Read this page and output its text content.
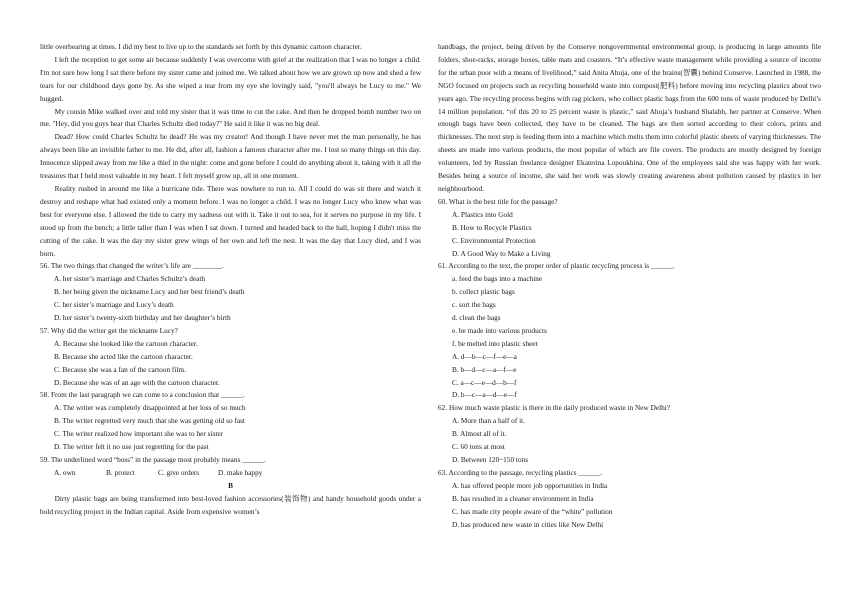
little overbearing at times. I did my best to live up to the standards set forth by this dynamic cartoon character.

I left the reception to get some air because suddenly I was overcome with grief at the realization that I was no longer a child. I'm not sure how long I sat there before my sister came and joined me. We talked about how we are grown up now and shed a few tears for our childhood days gone by. As she wiped a tear from my eye she lovingly said, "you'll always be Lucy to me." We hugged.

My cousin Mike walked over and told my sister that it was time to cut the cake. And then he dropped bomb number two on me. "Hey, did you guys hear that Charles Schultz died today?" He said it like it was no big deal.

Dead? How could Charles Schultz be dead? He was my creator! And though I have never met the man personally, he has always been like an invisible father to me. He did, after all, fashion a famous character after me. I lost so many things on this day. Innocence slipped away from me like a thief in the night: come and gone before I could do anything about it, taking with it all the treasures that I held most valuable in my heart. I felt myself grow up, all in one moment.

Reality rushed in around me like a hurricane tide. There was nowhere to run to. All I could do was sit there and watch it destroy and reshape what had existed only a moment before. I was no longer a child. I was no longer Lucy who knew what was best for everyone else. I allowed the tide to carry my sadness out with it. Take it out to sea, for it serves no purpose in my life. I stood up from the bench; a little taller than I was when I sat down. I turned and headed back to the hall, hoping I didn't miss the cutting of the cake. It was the day my sister grew wings of her own and left the nest. It was the day that Lucy died, and I was born.

56. The two things that changed the writer’s life are ________.

A. her sister’s marriage and Charles Schultz’s death

B. her being given the nickname Lucy and her best friend’s death

C. her sister’s marriage and Lucy’s death

D. her sister’s twenty-sixth birthday and her daughter’s birth

57. Why did the writer get the nickname Lucy?

A. Because she looked like the cartoon character.

B. Because she acted like the cartoon character.

C. Because she was a fan of the cartoon film.

D. Because she was of an age with the cartoon character.

58. From the last paragraph we can come to a conclusion that ______.

A. The writer was completely disappointed at her loss of so much

B. The writer regretted very much that she was getting old so fast

C. The writer realized how important she was to her sister

D. The writer felt it no use just regretting for the past

59. The underlined word “boss” in the passage most probably means ______.

A. own	B. protect	C. give orders	D. make happy

B

Dirty plastic bags are being transformed into best-loved fashion accessories(装饰物) and handy household goods under a bold recycling project in the Indian capital. Aside from expensive women’s

handbags, the project, being driven by the Conserve nongovernmental environmental group, is producing in large amounts file folders, shoe-racks, storage boxes, table mats and coasters. “It’s effective waste management while providing a source of income for the urban poor with a means of livelihood,” said Anita Ahuja, one of the brains(智囊) behind Conserve. Launched in 1988, the NGO focused on projects such as recycling household waste into compost(肥料) before moving into recycling plastics about two years ago. The recycling process begins with rag pickers, who collect plastic bags from the 600 tons of waste produced by Delhi’s 14 million population. “of this 20 to 25 percent waste is plastic,” said Ahuja’s husband Shalabh, her partner at Conserve. When enough bags have been collected, they have to be cleaned. The bags are then sorted according to their colors, prints and thicknesses. The next step is feeding them into a machine which melts them into colorful plastic sheets of varying thicknesses. The sheets are made into various products, the most popular of which are file covers. The products are mostly designed by foreign volunteers, led by Russian freelance designer Ekaterina Lopoukhina. One of the employees said she was happy with her work. Besides being a source of income, she said her work was slowly creating awareness about pollution caused by plastics in her neighbourhood.

60. What is the best title for the passage?

A. Plastics into Gold

B. How to Recycle Plastics

C. Environmental Protection

D. A Good Way to Make a Living

61. According to the text, the proper order of plastic recycling process is ______.

a. feed the bags into a machine

b. collect plastic bags

c. sort the bags

d. clean the bags

e. be made into various products

f. be melted into plastic sheet

A. d—b—c—f—e—a

B. b—d—c—a—f—e

C. a—c—e—d—b—f

D. b—c—a—d—e—f

62. How much waste plastic is there in the daily produced waste in New Delhi?

A. More than a half of it.

B. Almost all of it.

C. 60 tons at most

D. Between 120~150 tons

63. According to the passage, recycling plastics ______.

A. has offered people more job opportunities in India

B. has resulted in a cleaner environment in India

C. has made city people aware of the “white” pollution

D. has produced new waste in cities like New Delhi
